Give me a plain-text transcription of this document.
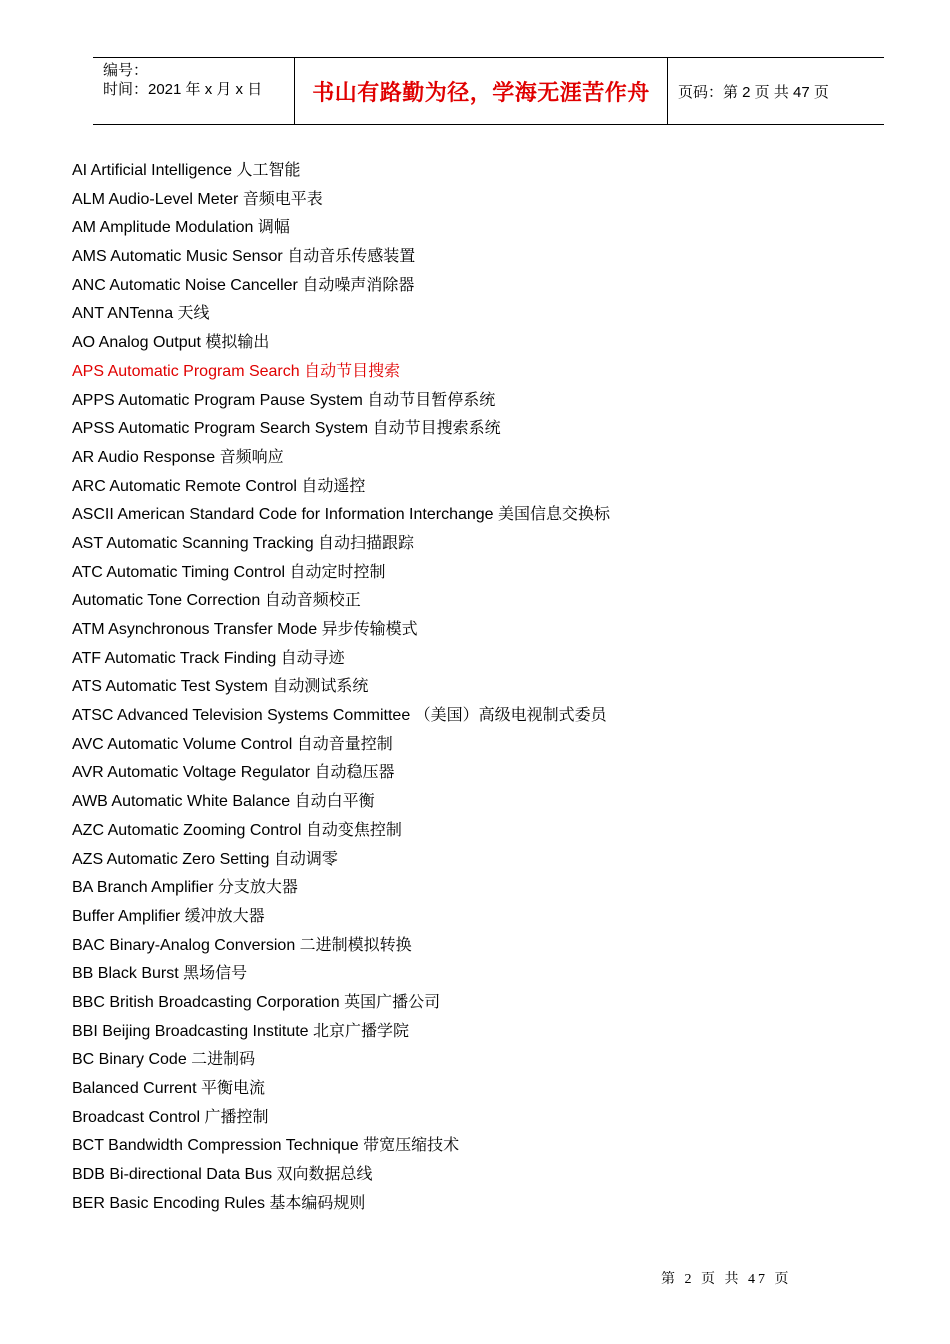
编号：
时间：2021 年 x 月 x 日	书山有路勤为径，学海无涯苦作舟	页码：第 2 页 共 47 页
AI Artificial Intelligence 人工智能
ALM Audio-Level Meter 音频电平表
AM Amplitude Modulation 调幅
AMS Automatic Music Sensor 自动音乐传感装置
ANC Automatic Noise Canceller 自动噪声消除器
ANT ANTenna 天线
AO Analog Output 模拟输出
APS Automatic Program Search 自动节目搜索
APPS Automatic Program Pause System 自动节目暂停系统
APSS Automatic Program Search System 自动节目搜索系统
AR Audio Response 音频响应
ARC Automatic Remote Control 自动遥控
ASCII American Standard Code for Information Interchange 美国信息交换标
AST Automatic Scanning Tracking 自动扫描跟踪
ATC Automatic Timing Control 自动定时控制
Automatic Tone Correction 自动音频校正
ATM Asynchronous Transfer Mode 异步传输模式
ATF Automatic Track Finding 自动寻迹
ATS Automatic Test System 自动测试系统
ATSC Advanced Television Systems Committee （美国）高级电视制式委员
AVC Automatic Volume Control 自动音量控制
AVR Automatic Voltage Regulator 自动稳压器
AWB Automatic White Balance 自动白平衡
AZC Automatic Zooming Control 自动变焦控制
AZS Automatic Zero Setting 自动调零
BA Branch Amplifier 分支放大器
Buffer Amplifier 缓冲放大器
BAC Binary-Analog Conversion 二进制模拟转换
BB Black Burst 黑场信号
BBC British Broadcasting Corporation 英国广播公司
BBI Beijing Broadcasting Institute 北京广播学院
BC Binary Code 二进制码
Balanced Current 平衡电流
Broadcast Control 广播控制
BCT Bandwidth Compression Technique 带宽压缩技术
BDB Bi-directional Data Bus 双向数据总线
BER Basic Encoding Rules 基本编码规则
第 2 页 共 47 页
